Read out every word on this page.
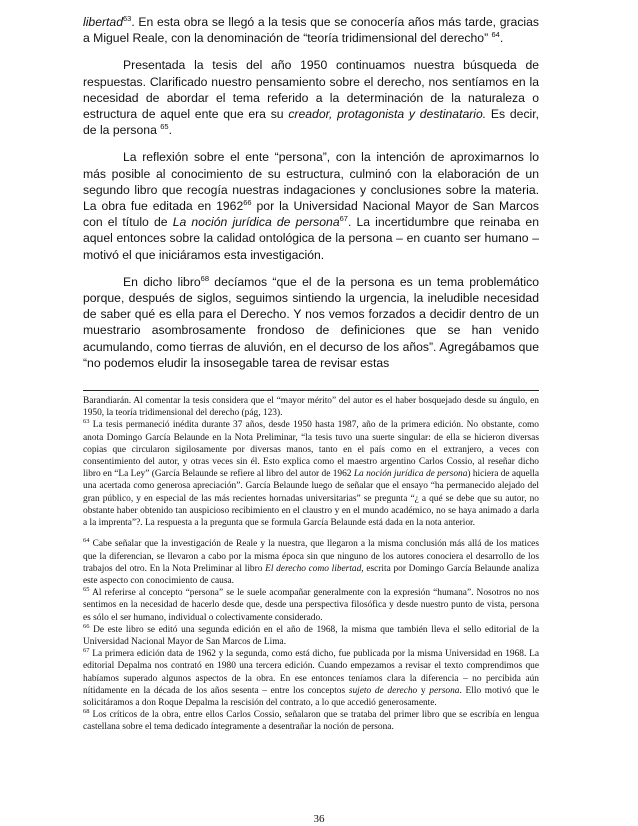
libertad$^{63}$. En esta obra se llegó a la tesis que se conocería años más tarde, gracias a Miguel Reale, con la denominación de “teoría tridimensional del derecho” $^{64}$.

Presentada la tesis del año 1950 continuamos nuestra búsqueda de respuestas. Clarificado nuestro pensamiento sobre el derecho, nos sentíamos en la necesidad de abordar el tema referido a la determinación de la naturaleza o estructura de aquel ente que era su creador, protagonista y destinatario. Es decir, de la persona $^{65}$.

La reflexión sobre el ente “persona”, con la intención de aproximarnos lo más posible al conocimiento de su estructura, culminó con la elaboración de un segundo libro que recogía nuestras indagaciones y conclusiones sobre la materia. La obra fue editada en 1962$^{66}$ por la Universidad Nacional Mayor de San Marcos con el título de La noción jurídica de persona$^{67}$. La incertidumbre que reinaba en aquel entonces sobre la calidad ontológica de la persona – en cuanto ser humano – motivó el que iniciáramos esta investigación.

En dicho libro$^{68}$ decíamos “que el de la persona es un tema problemático porque, después de siglos, seguimos sintiendo la urgencia, la ineludible necesidad de saber qué es ella para el Derecho. Y nos vemos forzados a decidir dentro de un muestrario asombrosamente frondoso de definiciones que se han venido acumulando, como tierras de aluvión, en el decurso de los años”. Agregábamos que “no podemos eludir la insosegable tarea de revisar estas

Barandiarán. Al comentar la tesis considera que el “mayor mérito” del autor es el haber bosquejado desde su ángulo, en 1950, la teoría tridimensional del derecho (pág, 123).

$^{63}$ La tesis permaneció inédita durante 37 años, desde 1950 hasta 1987, año de la primera edición. No obstante, como anota Domingo García Belaunde en la Nota Preliminar, “la tesis tuvo una suerte singular: de ella se hicieron diversas copias que circularon sigilosamente por diversas manos, tanto en el país como en el extranjero, a veces con consentimiento del autor, y otras veces sin él. Esto explica como el maestro argentino Carlos Cossio, al reseñar dicho libro en “La Ley” (García Belaunde se refiere al libro del autor de 1962 La noción jurídica de persona) hiciera de aquella una acertada como generosa apreciación”. García Belaunde luego de señalar que el ensayo “ha permanecido alejado del gran público, y en especial de las más recientes hornadas universitarias” se pregunta “¿ a qué se debe que su autor, no obstante haber obtenido tan auspicioso recibimiento en el claustro y en el mundo académico, no se haya animado a darla a la imprenta”?. La respuesta a la pregunta que se formula García Belaunde está dada en la nota anterior.

$^{64}$ Cabe señalar que la investigación de Reale y la nuestra, que llegaron a la misma conclusión más allá de los matices que la diferencian, se llevaron a cabo por la misma época sin que ninguno de los autores conociera el desarrollo de los trabajos del otro. En la Nota Preliminar al libro El derecho como libertad, escrita por Domingo García Belaunde analiza este aspecto con conocimiento de causa.

$^{65}$ Al referirse al concepto “persona” se le suele acompañar generalmente con la expresión “humana”. Nosotros no nos sentimos en la necesidad de hacerlo desde que, desde una perspectiva filosófica y desde nuestro punto de vista, persona es sólo el ser humano, individual o colectivamente considerado.

$^{66}$ De este libro se editó una segunda edición en el año de 1968, la misma que también lleva el sello editorial de la Universidad Nacional Mayor de San Marcos de Lima.

$^{67}$ La primera edición data de 1962 y la segunda, como está dicho, fue publicada por la misma Universidad en 1968. La editorial Depalma nos contrató en 1980 una tercera edición. Cuando empezamos a revisar el texto comprendimos que habíamos superado algunos aspectos de la obra. En ese entonces teníamos clara la diferencia – no percibida aún nítidamente en la década de los años sesenta – entre los conceptos sujeto de derecho y persona. Ello motivó que le solicitáramos a don Roque Depalma la rescisión del contrato, a lo que accedió generosamente.

$^{68}$ Los críticos de la obra, entre ellos Carlos Cossio, señalaron que se trataba del primer libro que se escribía en lengua castellana sobre el tema dedicado íntegramente a desentrañar la noción de persona.

36
